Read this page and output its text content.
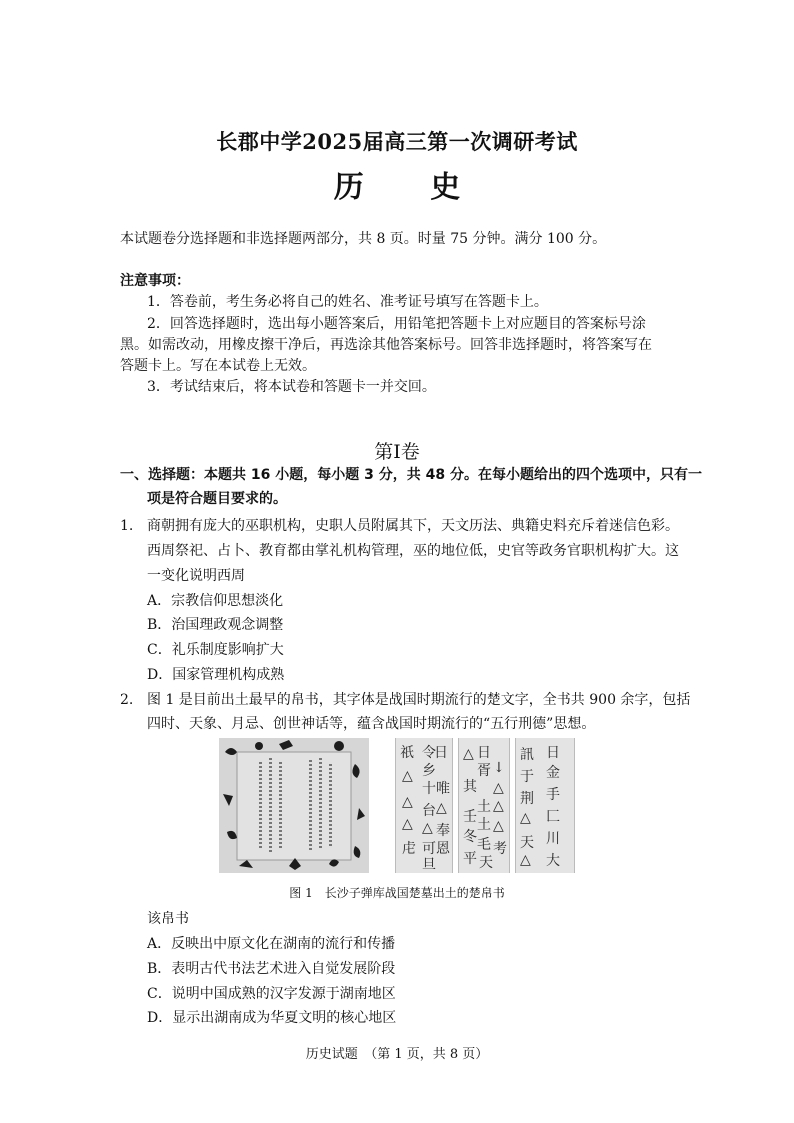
长郡中学2025届高三第一次调研考试
历 史
本试题卷分选择题和非选择题两部分，共 8 页。时量 75 分钟。满分 100 分。
注意事项：
1．答卷前，考生务必将自己的姓名、准考证号填写在答题卡上。
2．回答选择题时，选出每小题答案后，用铅笔把答题卡上对应题目的答案标号涂
黑。如需改动，用橡皮擦干净后，再选涂其他答案标号。回答非选择题时，将答案写在
答题卡上。写在本试卷上无效。
3．考试结束后，将本试卷和答题卡一并交回。
第Ⅰ卷
一、选择题：本题共 16 小题，每小题 3 分，共 48 分。在每小题给出的四个选项中，只有一
项是符合题目要求的。
1. 商朝拥有庞大的巫职机构，史职人员附属其下，天文历法、典籍史料充斥着迷信色彩。
西周祭祀、占卜、教育都由掌礼机构管理，巫的地位低，史官等政务官职机构扩大。这
一变化说明西周
A．宗教信仰思想淡化
B．治国理政观念调整
C．礼乐制度影响扩大
D．国家管理机构成熟
2. 图 1 是目前出土最早的帛书，其字体是战国时期流行的楚文字，全书共 900 余字，包括
四时、天象、月忌、创世神话等，蕴含战国时期流行的“五行刑德”思想。
祇 令
日
乡
△
十 唯
△
△
台 △
△ 奉
可 恩
虍
旦
日
△
胥 ↓
其 △
土 △
壬 土
冬
△
毛 考
平 天
訊 日
于 金
荆 手
△ 匚
天 川
△ 大
图 1　长沙子弹库战国楚墓出土的楚帛书
该帛书
A．反映出中原文化在湖南的流行和传播
B．表明古代书法艺术进入自觉发展阶段
C．说明中国成熟的汉字发源于湖南地区
D．显示出湖南成为华夏文明的核心地区
历史试题　（第 1 页，共 8 页）
